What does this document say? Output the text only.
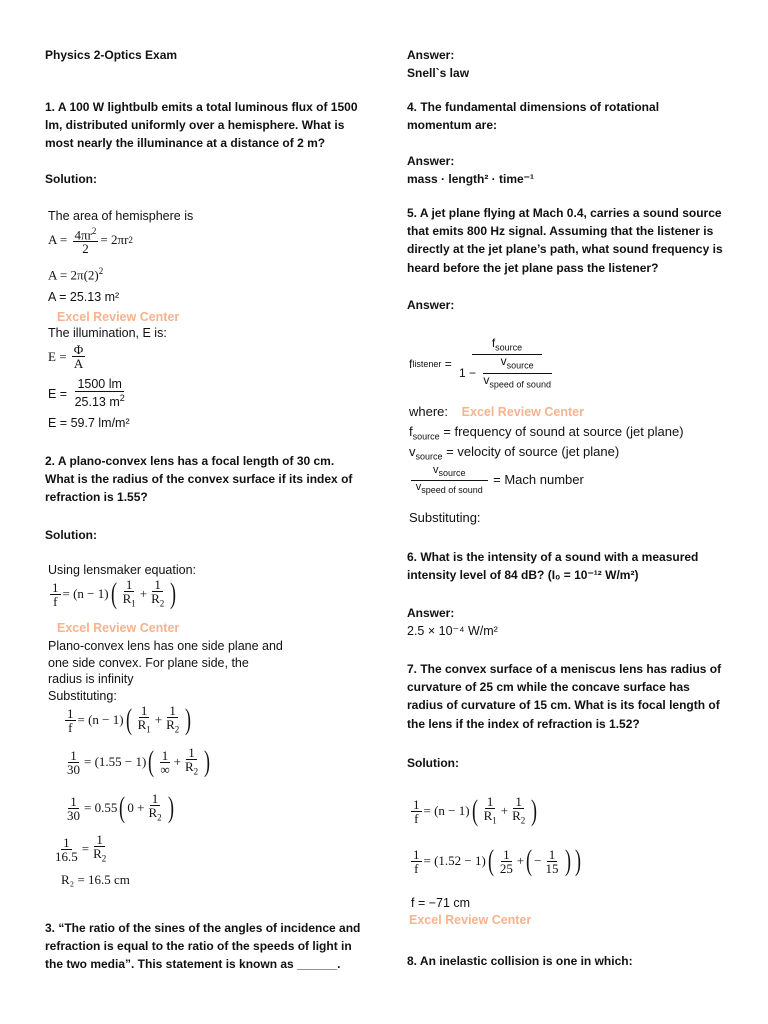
Physics 2-Optics Exam
1. A 100 W lightbulb emits a total luminous flux of 1500 lm, distributed uniformly over a hemisphere. What is most nearly the illuminance at a distance of 2 m?
Solution:
The area of hemisphere is
$A = \frac{4\pi r^2}{2} = 2\pi r$ 2
$A = 2\pi(2)^2$
A = 25.13 m²
Excel Review Center
The illumination, E is:
$E = \frac{\Phi}{A}$
$E = \frac{1500 lm}{25.13 m^2}$
E = 59.7 lm/m²
2. A plano-convex lens has a focal length of 30 cm. What is the radius of the convex surface if its index of refraction is 1.55?
Solution:
Using lensmaker equation:
$\frac{1}{f} = (n - 1)$ ( $\frac{1}{R_1} + \frac{1}{R_2}$ )
Excel Review Center
Plano-convex lens has one side plane and one side convex. For plane side, the radius is infinity
Substituting:
$\frac{1}{f} = (n - 1)$ ( $\frac{1}{R_1} + \frac{1}{R_2}$ )
$\frac{1}{30} = (1.55 - 1)$ ( $\frac{1}{\infty} + \frac{1}{R_2}$ )
$\frac{1}{30} = 0.55$ ( $0 + \frac{1}{R_2}$ )
$\frac{1}{16.5} = \frac{1}{R_2}$
R₂ = 16.5 cm
3. “The ratio of the sines of the angles of incidence and refraction is equal to the ratio of the speeds of light in the two media”. This statement is known as ______.
Answer:
Snell`s law
4. The fundamental dimensions of rotational momentum are:
Answer:
mass · length² · time⁻¹
5. A jet plane flying at Mach 0.4, carries a sound source that emits 800 Hz signal. Assuming that the listener is directly at the jet plane’s path, what sound frequency is heard before the jet plane pass the listener?
Answer:
f listener = $\frac{f_{source}}{1 - \frac{v_{source}}{v_{speed of sound}}}$
where: Excel Review Center
$f_{source}$ = frequency of sound at source (jet plane)
$v_{source}$ = velocity of source (jet plane)
$\frac{v_{source}}{v_{speed of sound}}$
= Mach number
Substituting:
6. What is the intensity of a sound with a measured intensity level of 84 dB? (I₀ = 10⁻¹² W/m²)
Answer:
2.5 × 10⁻⁴ W/m²
7. The convex surface of a meniscus lens has radius of curvature of 25 cm while the concave surface has radius of curvature of 15 cm. What is its focal length of the lens if the index of refraction is 1.52?
Solution:
$\frac{1}{f} = (n - 1)$ ( $\frac{1}{R_1} + \frac{1}{R_2}$ )
$\frac{1}{f} = (1.52 - 1)$ ( $\frac{1}{25}$ + ( − $\frac{1}{15}$ ) )
f = −71 cm
Excel Review Center
8. An inelastic collision is one in which:
